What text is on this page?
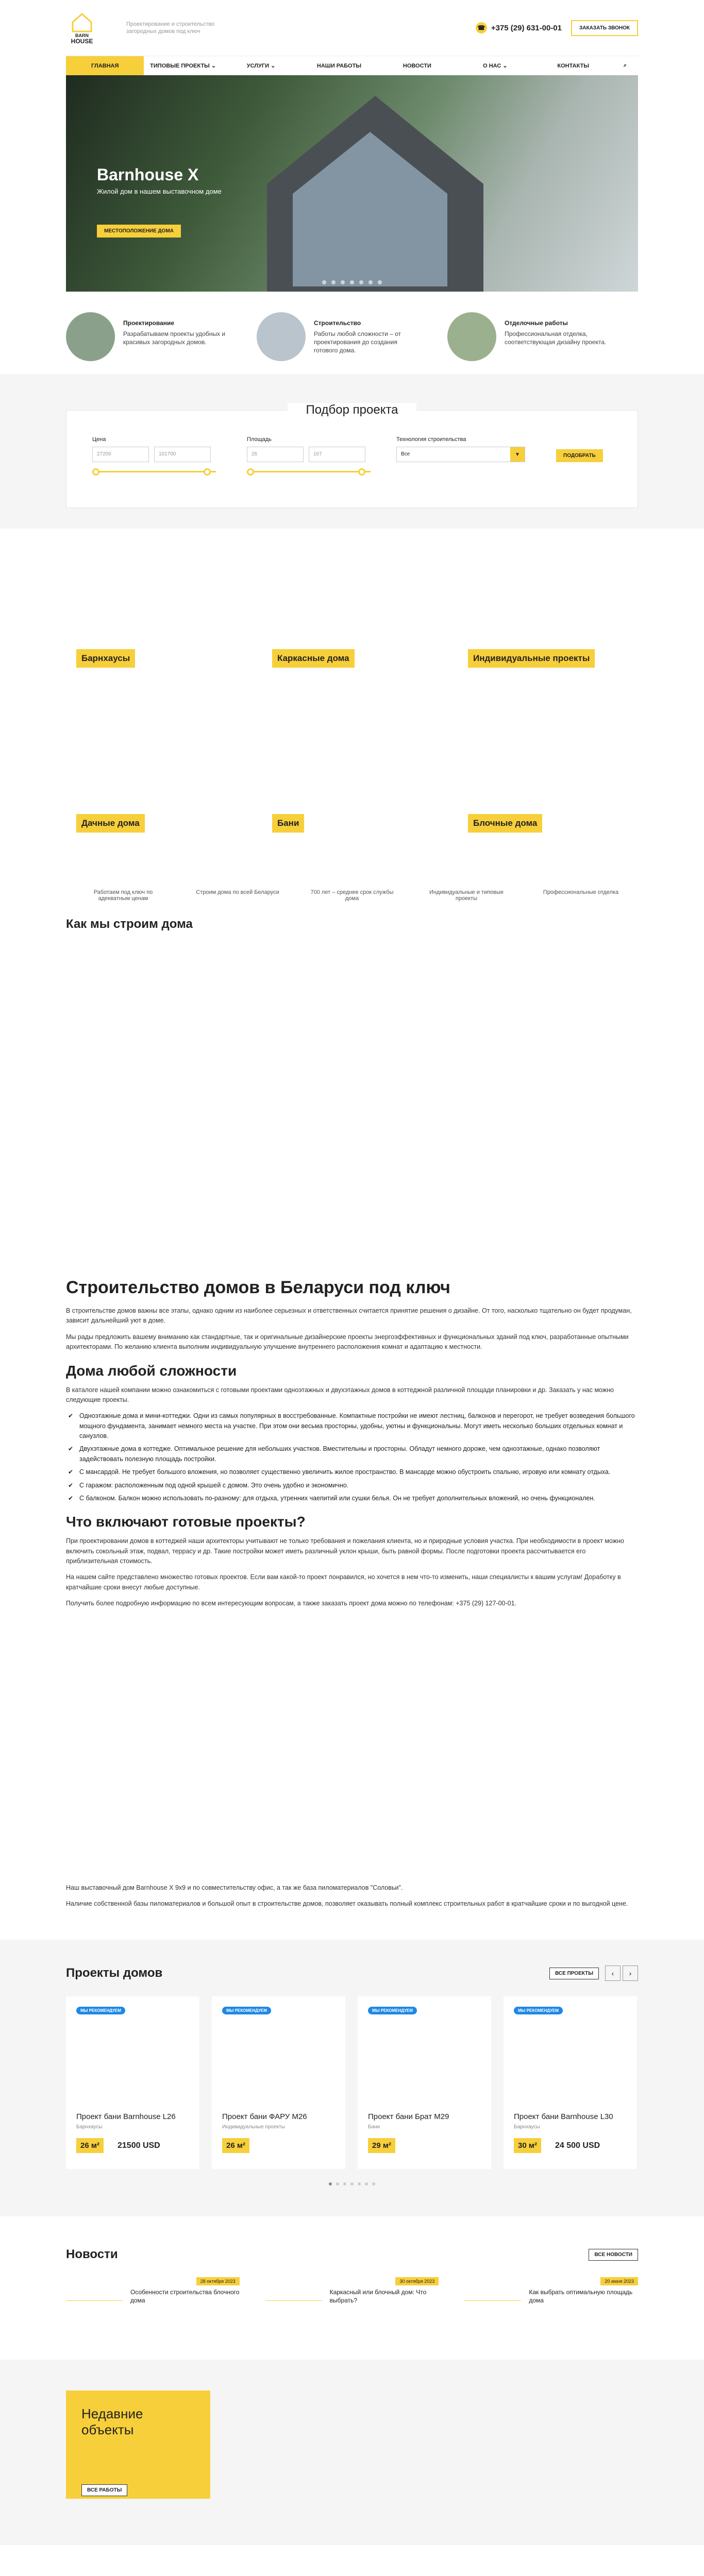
BARN
HOUSE
Проектирование и строительство загородных домов под ключ	☎ +375 (29) 631-00-01	ЗАКАЗАТЬ ЗВОНОК
ГЛАВНАЯ	ТИПОВЫЕ ПРОЕКТЫ ⌄	УСЛУГИ ⌄	НАШИ РАБОТЫ	НОВОСТИ	О НАС ⌄	КОНТАКТЫ	⌕
Barnhouse X
Жилой дом в нашем выставочном доме
МЕСТОПОЛОЖЕНИЕ ДОМА
Проектирование

Разрабатываем проекты удобных и красивых загородных домов.

Строительство

Работы любой сложности – от проектирования до создания готового дома.

Отделочные работы

Профессиональная отделка, соответствующая дизайну проекта.

Подбор проекта
Цена
27200	101700
Площадь
26	167
Технология строительства
Все	▼	ПОДОБРАТЬ
Барнхаусы	Каркасные дома	Индивидуальные проекты
Дачные дома	Бани	Блочные дома
Работаем под ключ по адекватным ценам
Строим дома по всей Беларуси	700 лет – среднее срок службы дома
Индивидуальные и типовые проекты
Профессиональные отделка
Как мы строим дома
Строительство домов в Беларуси под ключ

В строительстве домов важны все этапы, однако одним из наиболее серьезных и ответственных считается принятие решения о дизайне. От того, насколько тщательно он будет продуман, зависит дальнейший уют в доме.

Мы рады предложить вашему вниманию как стандартные, так и оригинальные дизайнерские проекты энергоэффективных и функциональных зданий под ключ, разработанные опытными архитекторами. По желанию клиента выполним индивидуальную улучшение внутреннего расположения комнат и адаптацию к местности.

Дома любой сложности

В каталоге нашей компании можно ознакомиться с готовыми проектами одноэтажных и двухэтажных домов в коттеджной различной площади планировки и др. Заказать у нас можно следующие проекты.

✔ Одноэтажные дома и мини-коттеджи. Одни из самых популярных в восстребованные. Компактные постройки не имеют лестниц, балконов и перегорот, не требует возведения большого мощного фундамента, занимает немного места на участке. При этом они весьма просторны, удобны, уютны и функциональны. Могут иметь несколько больших отдельных комнат и санузлов.
✔ Двухэтажные дома в коттедже. Оптимальное решение для небольших участков. Вместительны и просторны. Обладут немного дороже, чем одноэтажные, однако позволяют задействовать полезную площадь постройки.
✔ С мансардой. Не требует большого вложения, но позволяет существенно увеличить жилое пространство. В мансарде можно обустроить спальню, игровую или комнату отдыха.
✔ С гаражом: расположенным под одной крышей с домом. Это очень удобно и экономично.
✔ С балконом. Балкон можно использовать по-разному: для отдыха, утренних чаепитий или сушки белья. Он не требует дополнительных вложений, но очень функционален.
Что включают готовые проекты?

При проектировании домов в коттеджей наши архитекторы учитывают не только требования и пожелания клиента, но и природные условия участка. При необходимости в проект можно включить сокольный этаж, подвал, террасу и др. Такие постройки может иметь различный уклон крыши, быть равной формы. После подготовки проекта рассчитывается его приблизительная стоимость.

На нашем сайте представлено множество готовых проектов. Если вам какой-то проект понравился, но хочется в нем что-то изменить, наши специалисты к вашим услугам! Доработку в кратчайшие сроки внесут любые доступные.

Получить более подробную информацию по всем интересующим вопросам, а также заказать проект дома можно по телефонам: +375 (29) 127-00-01.

Наш выставочный дом Barnhouse X 9х9 и по совместительству офис, а так же база пиломатериалов "Соловьи".

Наличие собственной базы пиломатериалов и большой опыт в строительстве домов, позволяет оказывать полный комплекс строительных работ в кратчайшие сроки и по выгодной цене.

Проекты домов	ВСЕ ПРОЕКТЫ	‹	›
МЫ РЕКОМЕНДУЕМ
Проект бани Barnhouse L26
Барнхаусы
26 м²	21500 USD
МЫ РЕКОМЕНДУЕМ
Проект бани ФАРУ М26
Индивидуальные проекты
26 м²
МЫ РЕКОМЕНДУЕМ
Проект бани Брат М29
Бани
29 м²
МЫ РЕКОМЕНДУЕМ
Проект бани Barnhouse L30
Барнхаусы
30 м²	24 500 USD
Новости	ВСЕ НОВОСТИ
28 октября 2023
Особенности строительства блочного дома
30 октября 2023
Каркасный или блочный дом: Что выбрать?
20 июня 2023
Как выбрать оптимальную площадь дома
Недавние объекты
ВСЕ РАБОТЫ
